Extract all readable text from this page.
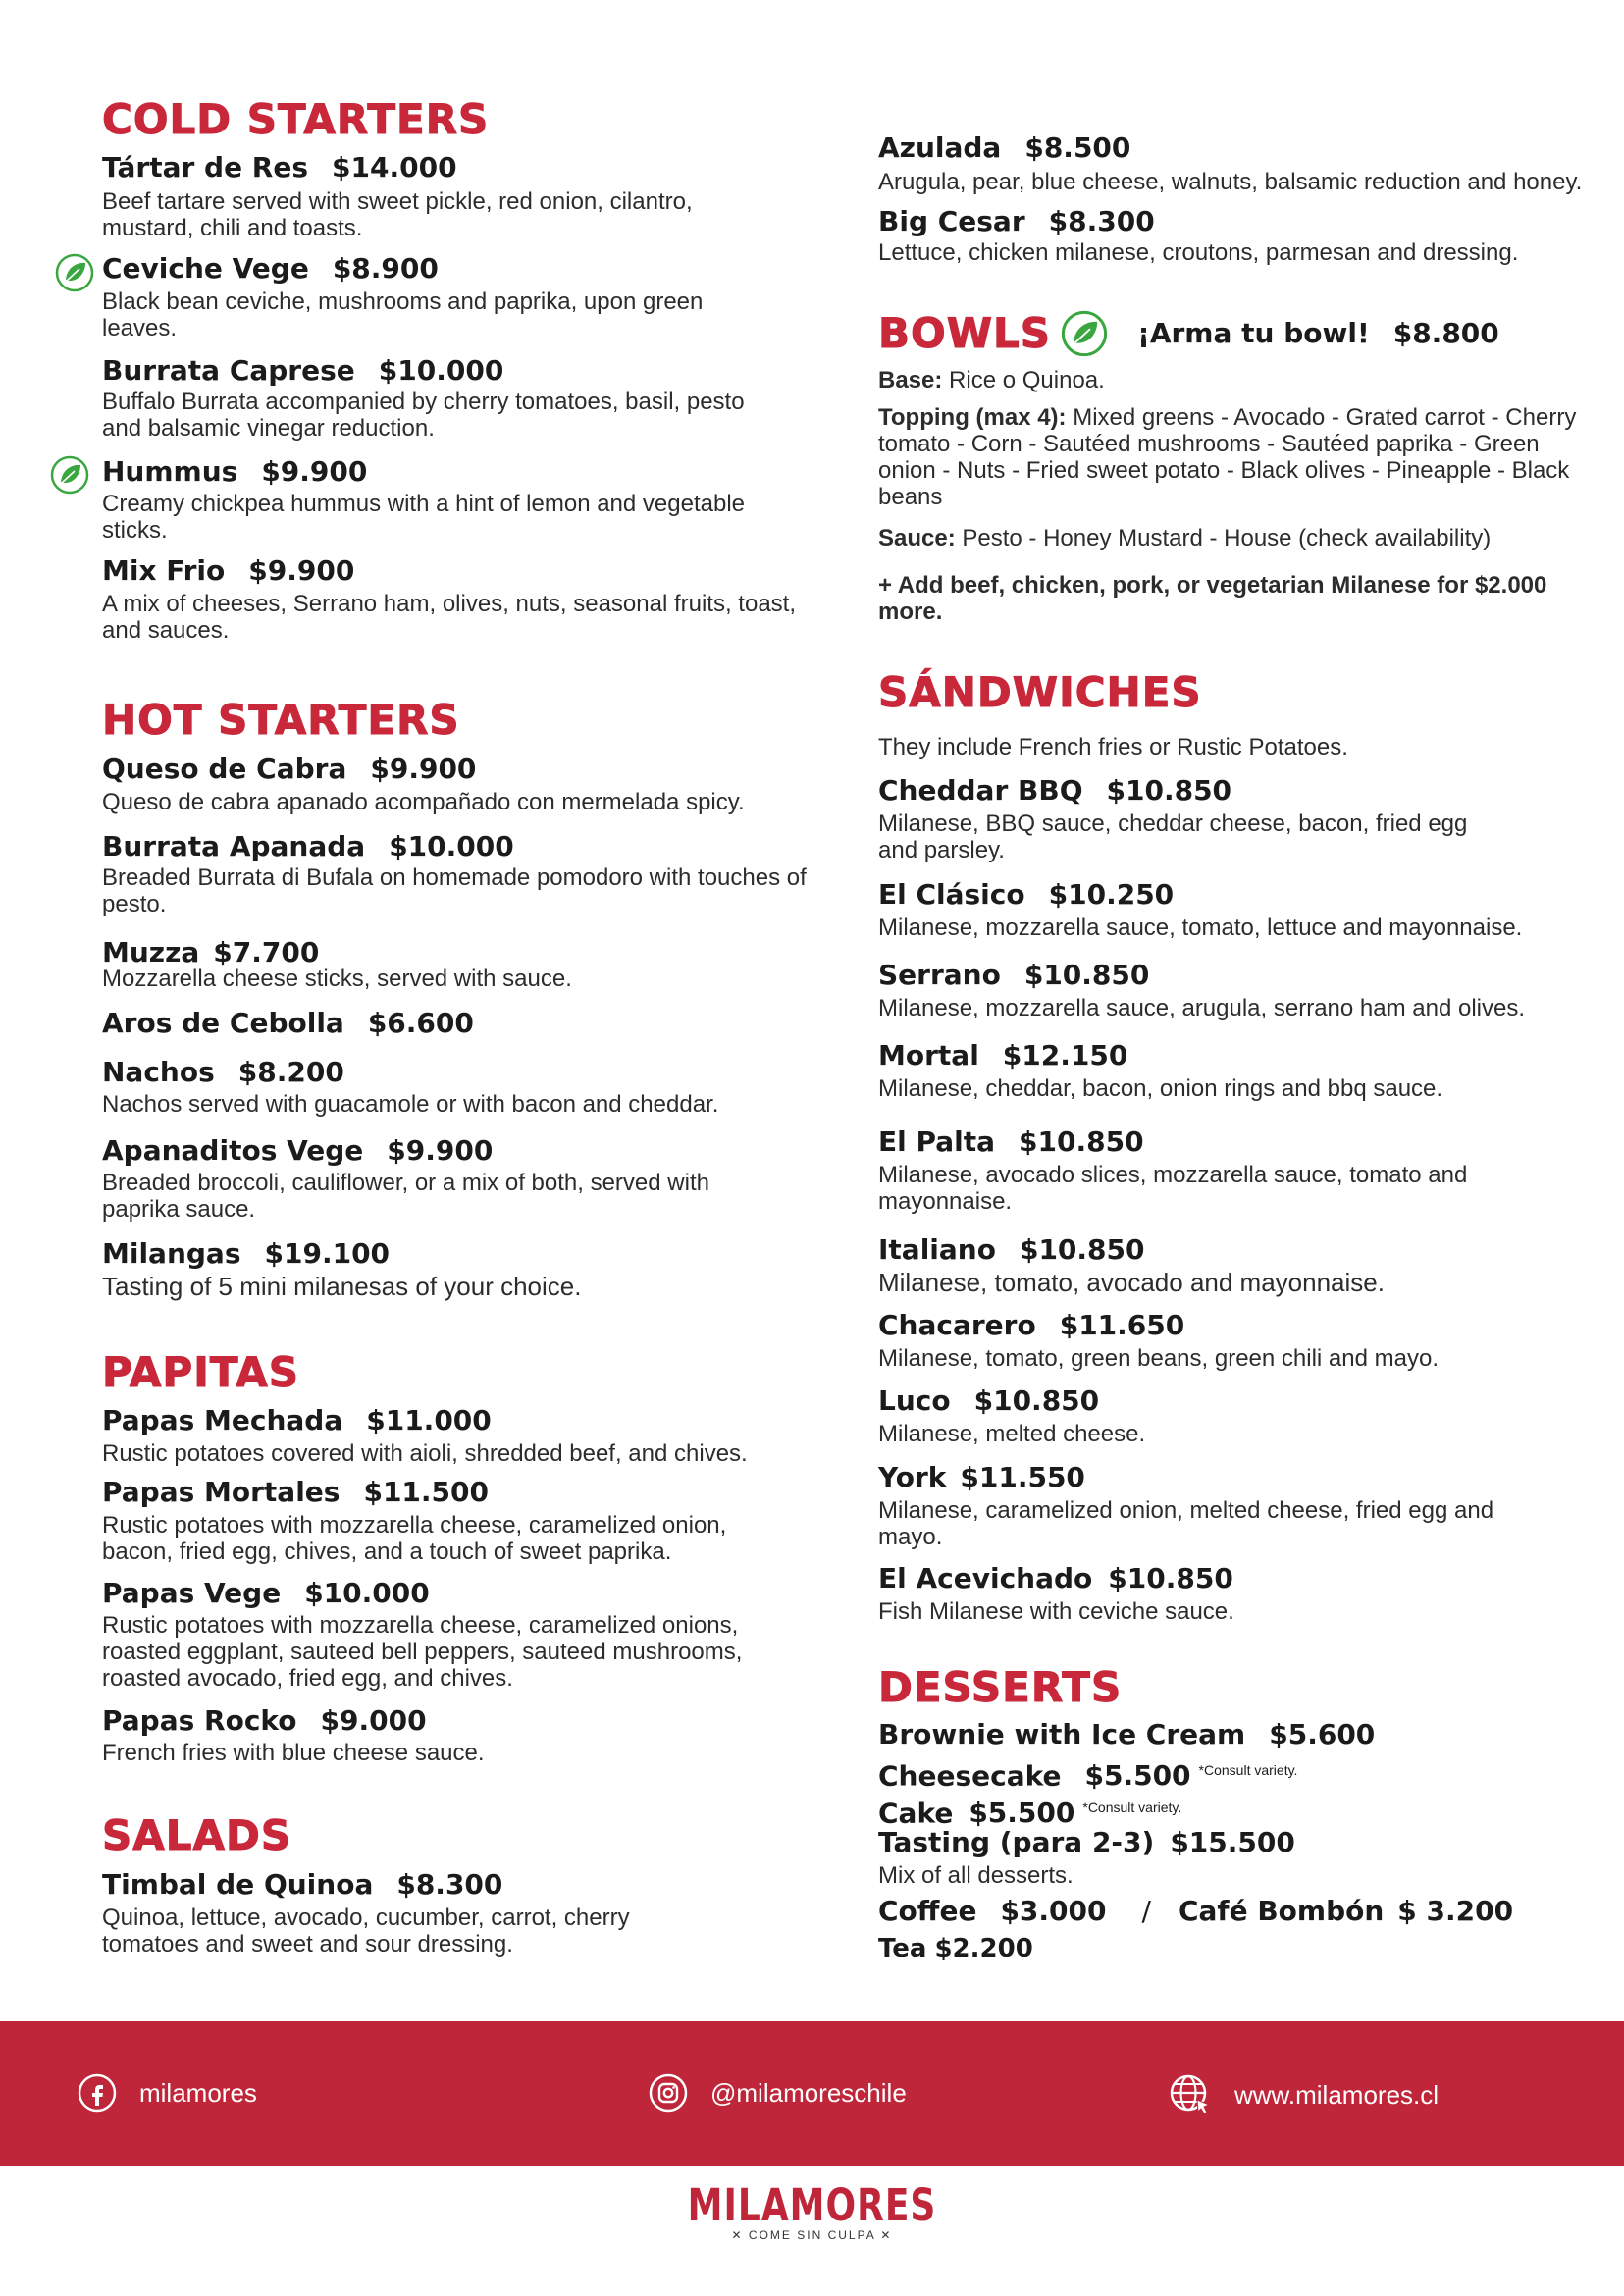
COLD STARTERS
Tártar de Res $14.000
Beef tartare served with sweet pickle, red onion, cilantro, mustard, chili and toasts.
Ceviche Vege $8.900
Black bean ceviche, mushrooms and paprika, upon green leaves.
Burrata Caprese $10.000
Buffalo Burrata accompanied by cherry tomatoes, basil, pesto and balsamic vinegar reduction.
Hummus $9.900
Creamy chickpea hummus with a hint of lemon and vegetable sticks.
Mix Frio $9.900
A mix of cheeses, Serrano ham, olives, nuts, seasonal fruits, toast, and sauces.
HOT STARTERS
Queso de Cabra $9.900
Queso de cabra apanado acompañado con mermelada spicy.
Burrata Apanada $10.000
Breaded Burrata di Bufala on homemade pomodoro with touches of pesto.
Muzza $7.700
Mozzarella cheese sticks, served with sauce.
Aros de Cebolla $6.600
Nachos $8.200
Nachos served with guacamole or with bacon and cheddar.
Apanaditos Vege $9.900
Breaded broccoli, cauliflower, or a mix of both, served with paprika sauce.
Milangas $19.100
Tasting of 5 mini milanesas of your choice.
PAPITAS
Papas Mechada $11.000
Rustic potatoes covered with aioli, shredded beef, and chives.
Papas Mortales $11.500
Rustic potatoes with mozzarella cheese, caramelized onion, bacon, fried egg, chives, and a touch of sweet paprika.
Papas Vege $10.000
Rustic potatoes with mozzarella cheese, caramelized onions, roasted eggplant, sauteed bell peppers, sauteed mushrooms, roasted avocado, fried egg, and chives.
Papas Rocko $9.000
French fries with blue cheese sauce.
SALADS
Timbal de Quinoa $8.300
Quinoa, lettuce, avocado, cucumber, carrot, cherry tomatoes and sweet and sour dressing.
Azulada $8.500
Arugula, pear, blue cheese, walnuts, balsamic reduction and honey.
Big Cesar $8.300
Lettuce, chicken milanese, croutons, parmesan and dressing.
BOWLS	¡Arma tu bowl! $8.800
Base: Rice o Quinoa.
Topping (max 4): Mixed greens - Avocado - Grated carrot - Cherry tomato - Corn - Sautéed mushrooms - Sautéed paprika - Green onion - Nuts - Fried sweet potato - Black olives - Pineapple - Black beans
Sauce: Pesto - Honey Mustard - House (check availability)
+ Add beef, chicken, pork, or vegetarian Milanese for $2.000 more.
SÁNDWICHES
They include French fries or Rustic Potatoes.
Cheddar BBQ $10.850
Milanese, BBQ sauce, cheddar cheese, bacon, fried egg and parsley.
El Clásico $10.250
Milanese, mozzarella sauce, tomato, lettuce and mayonnaise.
Serrano $10.850
Milanese, mozzarella sauce, arugula, serrano ham and olives.
Mortal $12.150
Milanese, cheddar, bacon, onion rings and bbq sauce.
El Palta $10.850
Milanese, avocado slices, mozzarella sauce, tomato and mayonnaise.
Italiano $10.850
Milanese, tomato, avocado and mayonnaise.
Chacarero $11.650
Milanese, tomato, green beans, green chili and mayo.
Luco $10.850
Milanese, melted cheese.
York $11.550
Milanese, caramelized onion, melted cheese, fried egg and mayo.
El Acevichado $10.850
Fish Milanese with ceviche sauce.
DESSERTS
Brownie with Ice Cream $5.600
Cheesecake $5.500 $^{*Consult variety.}$
Cake $5.500 $^{*Consult variety.}$
Tasting (para 2-3) $15.500
Mix of all desserts.
Coffee $3.000 / Café Bombón $ 3.200
Tea $2.200
milamores	@milamoreschile	www.milamores.cl
MILAMORES
✕ COME SIN CULPA ✕
